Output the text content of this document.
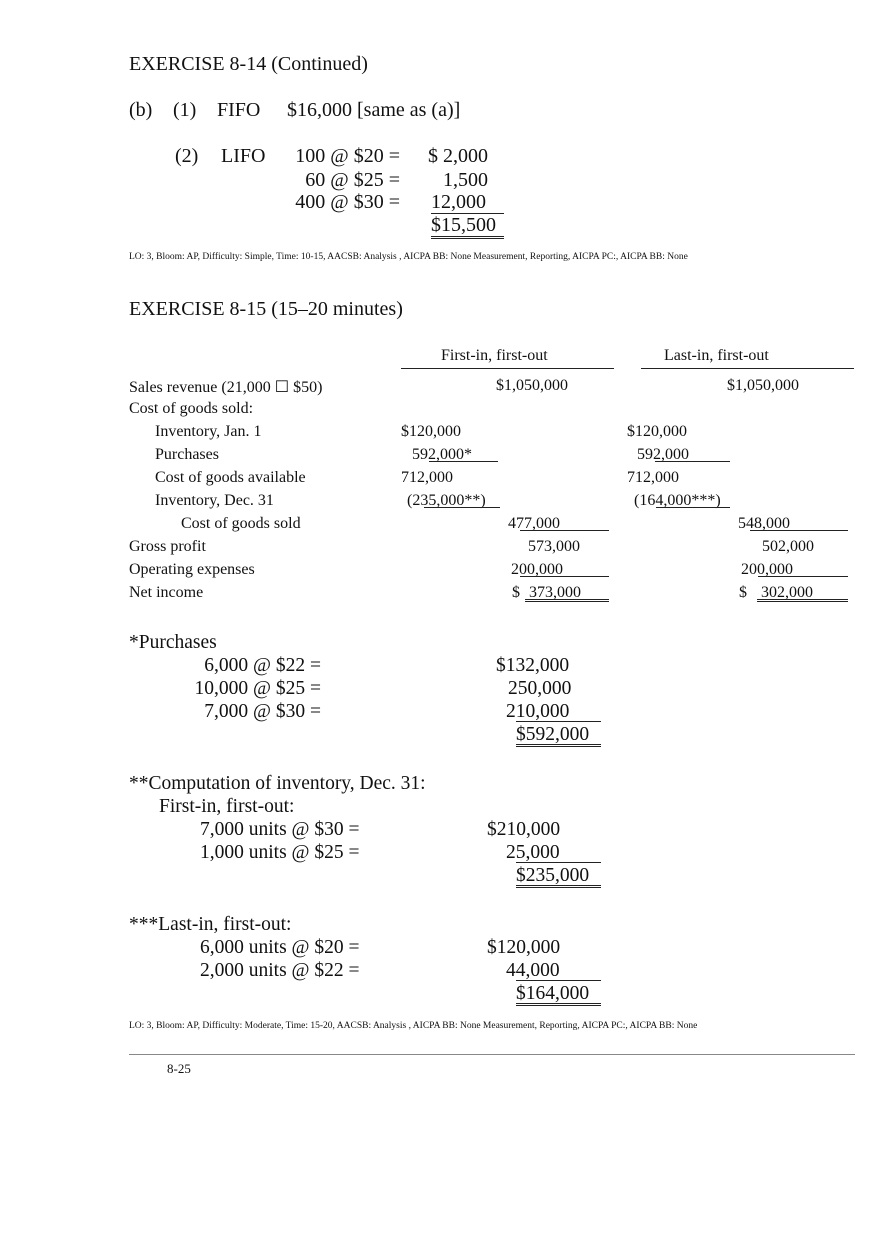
EXERCISE 8-14 (Continued)
(b) (1) FIFO $16,000 [same as (a)]
(2) LIFO	100 @ $20 =	$ 2,000
60 @ $25 =	1,500
400 @ $30 = 12,000
$15,500
LO: 3, Bloom: AP, Difficulty: Simple, Time: 10-15, AACSB: Analysis , AICPA BB: None Measurement, Reporting, AICPA PC:, AICPA BB: None
EXERCISE 8-15 (15–20 minutes)
First-in, first-out	Last-in, first-out
Sales revenue (21,000 ☐ $50)	$1,050,000	$1,050,000
Cost of goods sold:
Inventory, Jan. 1	$120,000	$120,000
Purchases	592,000*	592,000
Cost of goods available	712,000	712,000
Inventory, Dec. 31	(235,000**)	(164,000***)
Cost of goods sold	477,000	548,000
Gross profit	573,000	502,000
Operating expenses	200,000	200,000
Net income	$ 373,000	$ 302,000
*Purchases
6,000 @ $22 =	$132,000
10,000 @ $25 =	250,000
7,000 @ $30 =	210,000
$592,000
**Computation of inventory, Dec. 31:
First-in, first-out:
7,000 units @ $30 =	$210,000
1,000 units @ $25 =	25,000
$235,000
***Last-in, first-out:
6,000 units @ $20 =	$120,000
2,000 units @ $22 =	44,000
$164,000
LO: 3, Bloom: AP, Difficulty: Moderate, Time: 15-20, AACSB: Analysis , AICPA BB: None Measurement, Reporting, AICPA PC:, AICPA BB: None
8-25
